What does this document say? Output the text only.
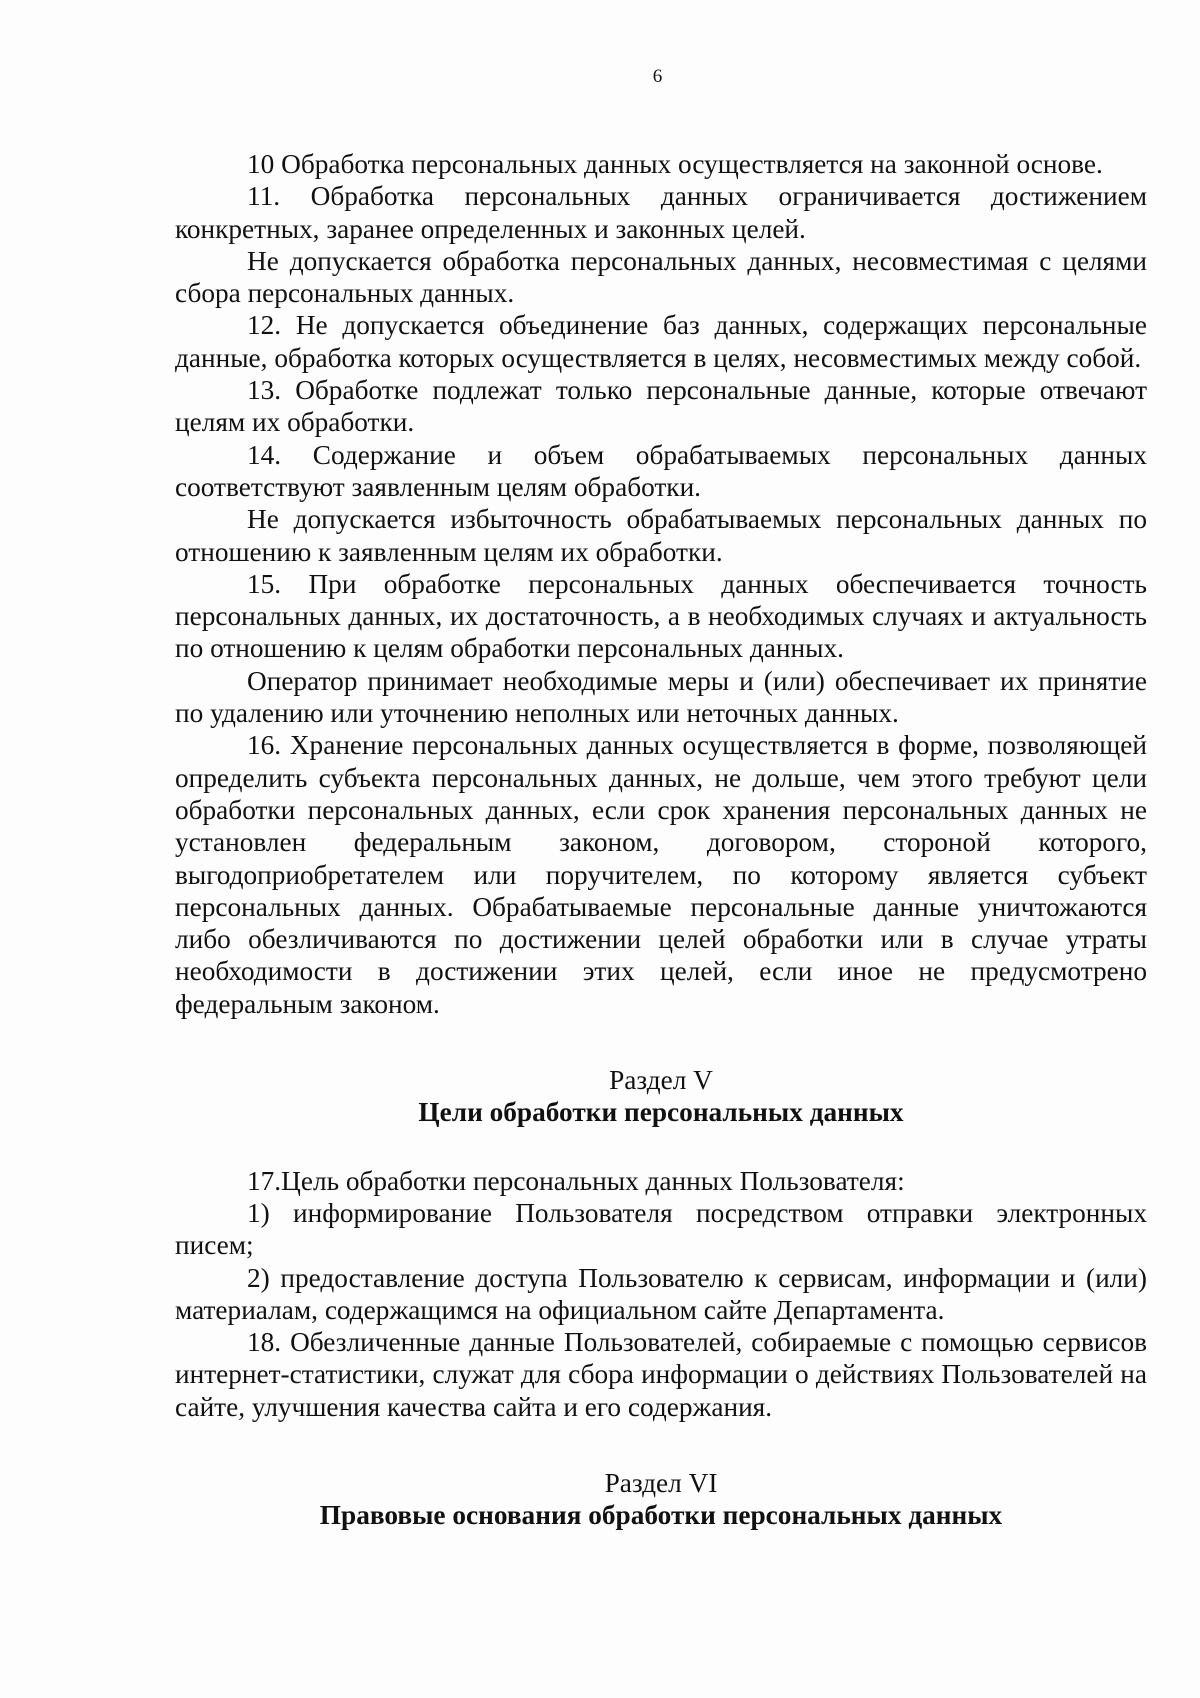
6

10 Обработка персональных данных осуществляется на законной основе.

11. Обработка персональных данных ограничивается достижением конкретных, заранее определенных и законных целей.

Не допускается обработка персональных данных, несовместимая с целями сбора персональных данных.

12. Не допускается объединение баз данных, содержащих персональные данные, обработка которых осуществляется в целях, несовместимых между собой.

13. Обработке подлежат только персональные данные, которые отвечают целям их обработки.

14. Содержание и объем обрабатываемых персональных данных соответствуют заявленным целям обработки.

Не допускается избыточность обрабатываемых персональных данных по отношению к заявленным целям их обработки.

15. При обработке персональных данных обеспечивается точность персональных данных, их достаточность, а в необходимых случаях и актуальность по отношению к целям обработки персональных данных.

Оператор принимает необходимые меры и (или) обеспечивает их принятие по удалению или уточнению неполных или неточных данных.

16. Хранение персональных данных осуществляется в форме, позволяющей определить субъекта персональных данных, не дольше, чем этого требуют цели обработки персональных данных, если срок хранения персональных данных не установлен федеральным законом, договором, стороной которого, выгодоприобретателем или поручителем, по которому является субъект персональных данных. Обрабатываемые персональные данные уничтожаются либо обезличиваются по достижении целей обработки или в случае утраты необходимости в достижении этих целей, если иное не предусмотрено федеральным законом.

Раздел V

Цели обработки персональных данных

17.Цель обработки персональных данных Пользователя:

1) информирование Пользователя посредством отправки электронных писем;

2) предоставление доступа Пользователю к сервисам, информации и (или) материалам, содержащимся на официальном сайте Департамента.

18. Обезличенные данные Пользователей, собираемые с помощью сервисов интернет-статистики, служат для сбора информации о действиях Пользователей на сайте, улучшения качества сайта и его содержания.

Раздел VI

Правовые основания обработки персональных данных
